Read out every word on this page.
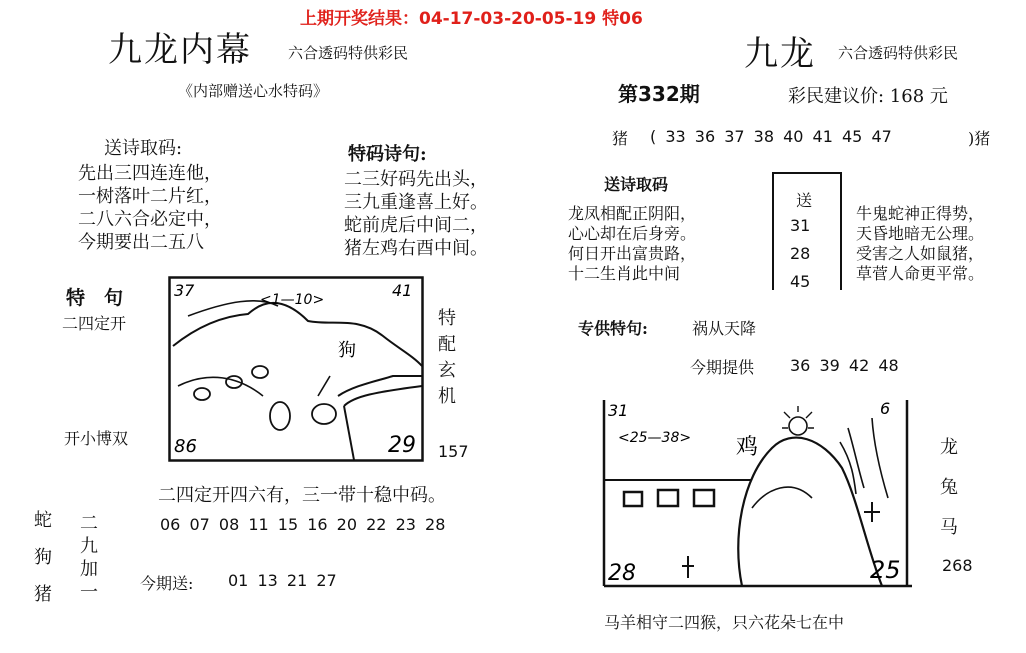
上期开奖结果：04-17-03-20-05-19 特06
九龙内幕 六合透码特供彩民
《内部赠送心水特码》
送诗取码:
先出三四连连他，
一树落叶二片红，
二八六合必定中，
今期要出二五八
特码诗句:
二三好码先出头，
三九重逢喜上好。
蛇前虎后中间二，
猪左鸡右酉中间。
特　句
二四定开
开小博双
37	<1—10>	41
狗
86	29
特
配
玄
机
157
二四定开四六有，三一带十稳中码。
蛇
狗
猪
二
九
加
一
06 07 08 11 15 16 20 22 23 28
今期送: 01 13 21 27
九龙 六合透码特供彩民
第332期	彩民建议价: 168 元
猪 ( 33 36 37 38 40 41 45 47	)猪
送诗取码
龙凤相配正阴阳，
心心却在后身旁。
何日开出富贵路，
十二生肖此中间
送
31
28
45
牛鬼蛇神正得势，
天昏地暗无公理。
受害之人如鼠猪，
草菅人命更平常。
专供特句:	祸从天降
今期提供 36 39 42 48
31
<25—38>
6
鸡
28	25
龙
兔
马
268
马羊相守二四猴，只六花朵七在中
